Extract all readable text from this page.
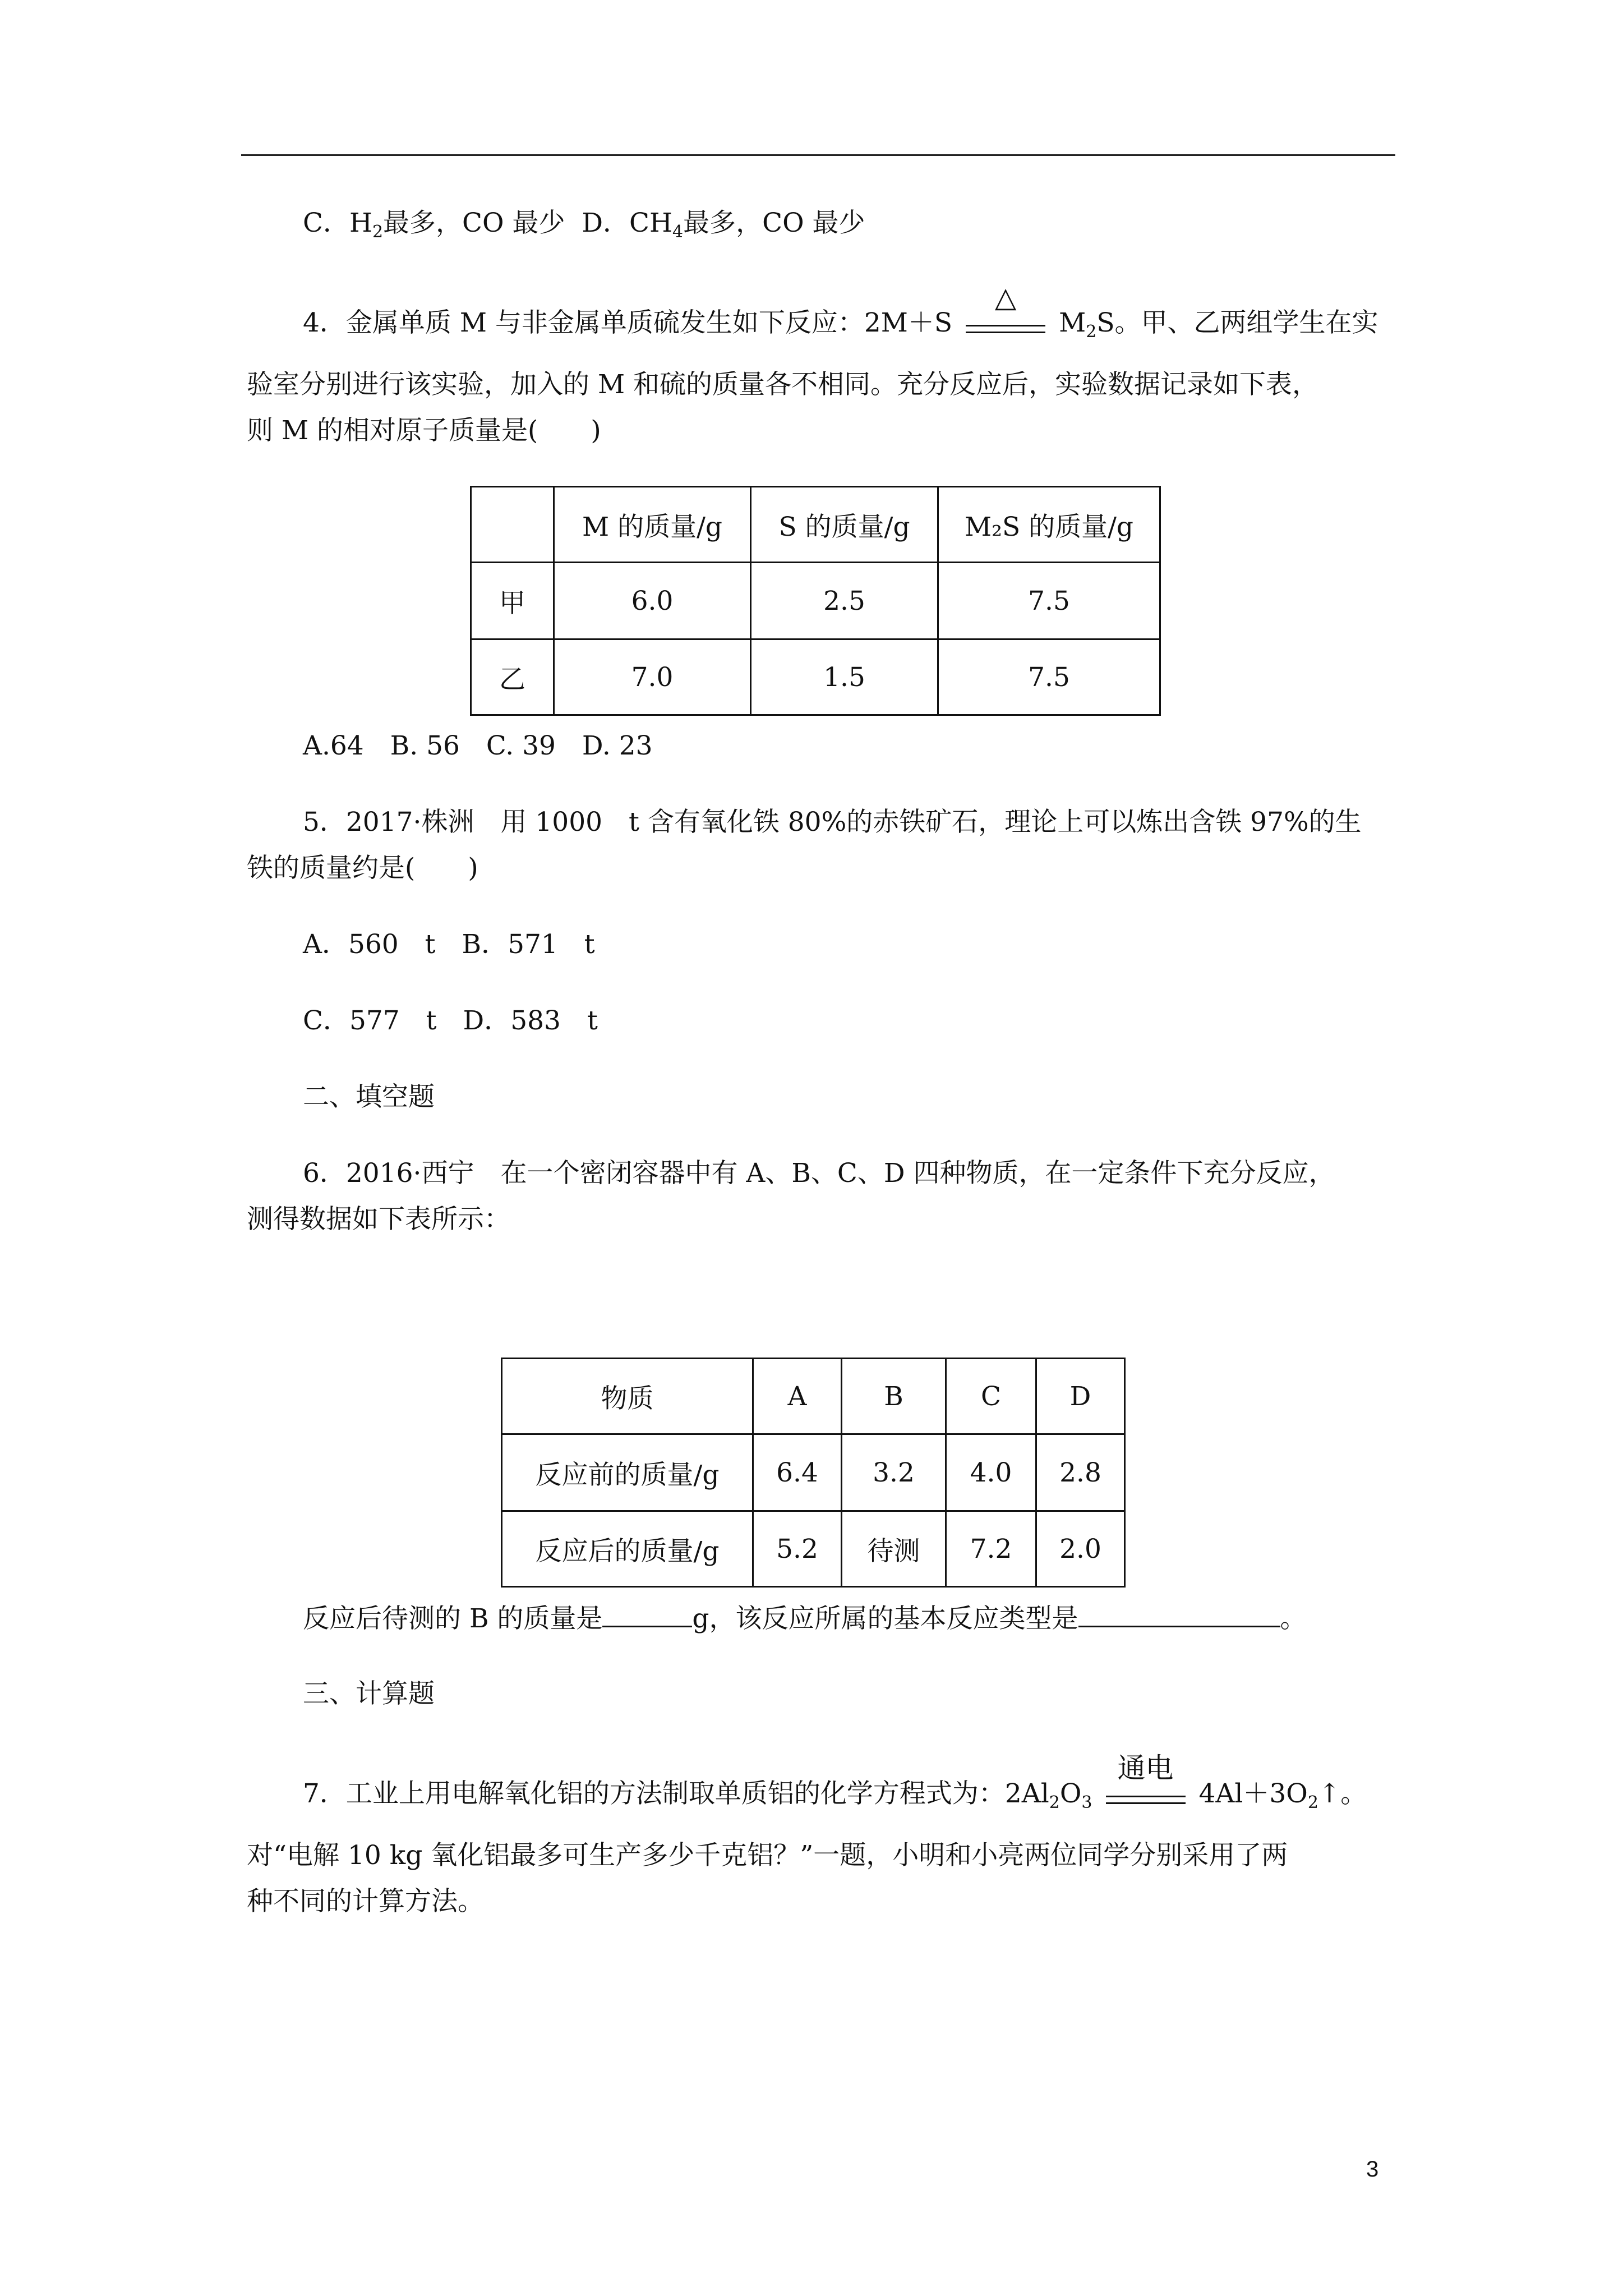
C．$H_2$最多，CO 最少 D．$CH_4$最多，CO 最少
4．金属单质 M 与非金属单质硫发生如下反应：2M＋S
△
$M_2S$。甲、乙两组学生在实
验室分别进行该实验，加入的 M 和硫的质量各不相同。充分反应后，实验数据记录如下表，
则 M 的相对原子质量是(　　)
	M 的质量/g	S 的质量/g	M₂S 的质量/g
甲	6.0	2.5	7.5
乙	7.0	1.5	7.5
A.64　B. 56　C. 39　D. 23
5．2017·株洲　用 1000　t 含有氧化铁 80%的赤铁矿石，理论上可以炼出含铁 97%的生
铁的质量约是(　　)
A．560　t　B．571　t
C．577　t　D．583　t
二、填空题
6．2016·西宁　在一个密闭容器中有 A、B、C、D 四种物质，在一定条件下充分反应，
测得数据如下表所示：
物质	A	B	C	D
反应前的质量/g	6.4	3.2	4.0	2.8
反应后的质量/g	5.2	待测	7.2	2.0
反应后待测的 B 的质量是	g，该反应所属的基本反应类型是	。
三、计算题
7．工业上用电解氧化铝的方法制取单质铝的化学方程式为：$2Al_2O_3$
通电
$4Al+3O_2↑$。
对“电解 10 kg 氧化铝最多可生产多少千克铝？”一题，小明和小亮两位同学分别采用了两
种不同的计算方法。
3
